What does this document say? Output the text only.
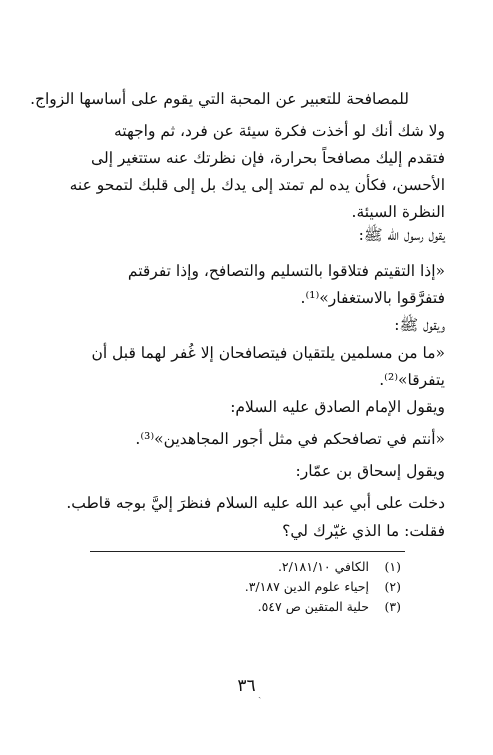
للمصافحة للتعبير عن المحبة التي يقوم على أساسها الزواج.

ولا شك أنك لو أخذت فكرة سيئة عن فرد، ثم واجهته
فتقدم إليك مصافحاً بحرارة، فإن نظرتك عنه ستتغير إلى
الأحسن، فكأن يده لم تمتد إلى يدك بل إلى قلبك لتمحو عنه
النظرة السيئة.

يقول رسول الله ﷺ:

«إذا التقيتم فتلاقوا بالتسليم والتصافح، وإذا تفرقتم
فتفرَّقوا بالاستغفار»⁽¹⁾.

ويقول ﷺ:

«ما من مسلمين يلتقيان فيتصافحان إلا غُفر لهما قبل أن
يتفرقا»⁽²⁾.

ويقول الإمام الصادق عليه السلام:

«أنتم في تصافحكم في مثل أجور المجاهدين»⁽³⁾.

ويقول إسحاق بن عمّار:

دخلت على أبي عبد الله عليه السلام فنظرَ إليَّ بوجه قاطب.

فقلت: ما الذي غيّرك لي؟

(١) الكافي ٢/١٨١/١٠.
(٢) إحياء علوم الدين ٣/١٨٧.
(٣) حلية المتقين ص ٥٤٧.
٣٦ ˏ
